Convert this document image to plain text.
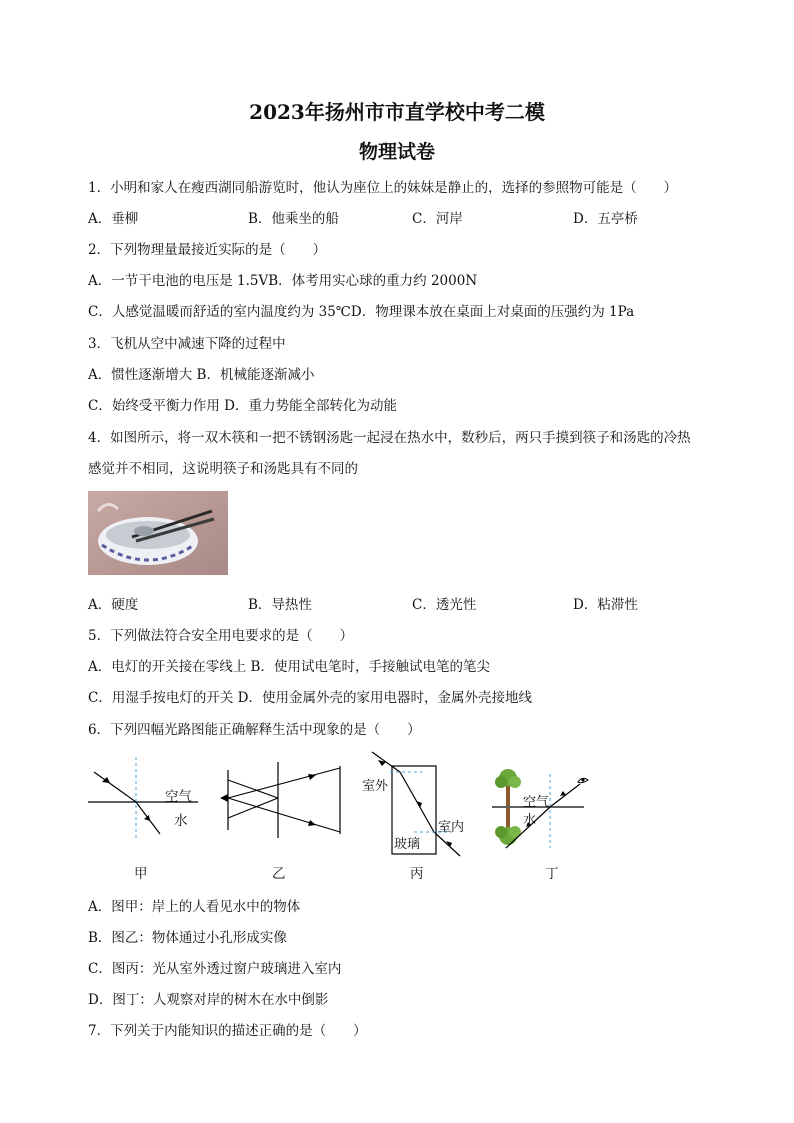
2023年扬州市市直学校中考二模
物理试卷
1．小明和家人在瘦西湖同船游览时，他认为座位上的妹妹是静止的，选择的参照物可能是（　　）
A．垂柳	B．他乘坐的船	C．河岸	D．五亭桥
2．下列物理量最接近实际的是（　　）
A．一节干电池的电压是 1.5VB．体考用实心球的重力约 2000N
C．人感觉温暖而舒适的室内温度约为 35℃D．物理课本放在桌面上对桌面的压强约为 1Pa
3．飞机从空中减速下降的过程中
A．惯性逐渐增大 B．机械能逐渐减小
C．始终受平衡力作用 D．重力势能全部转化为动能
4．如图所示，将一双木筷和一把不锈钢汤匙一起浸在热水中，数秒后，两只手摸到筷子和汤匙的冷热
感觉并不相同，这说明筷子和汤匙具有不同的
A．硬度	B．导热性	C．透光性	D．粘滞性
5．下列做法符合安全用电要求的是（　　）
A．电灯的开关接在零线上 B．使用试电笔时，手接触试电笔的笔尖
C．用湿手按电灯的开关 D．使用金属外壳的家用电器时，金属外壳接地线
6．下列四幅光路图能正确解释生活中现象的是（　　）
空气
水
甲	乙
室外
室内
玻璃
丙
空气
水
丁
A．图甲：岸上的人看见水中的物体
B．图乙：物体通过小孔形成实像
C．图丙：光从室外透过窗户玻璃进入室内
D．图丁：人观察对岸的树木在水中倒影
7．下列关于内能知识的描述正确的是（　　）
